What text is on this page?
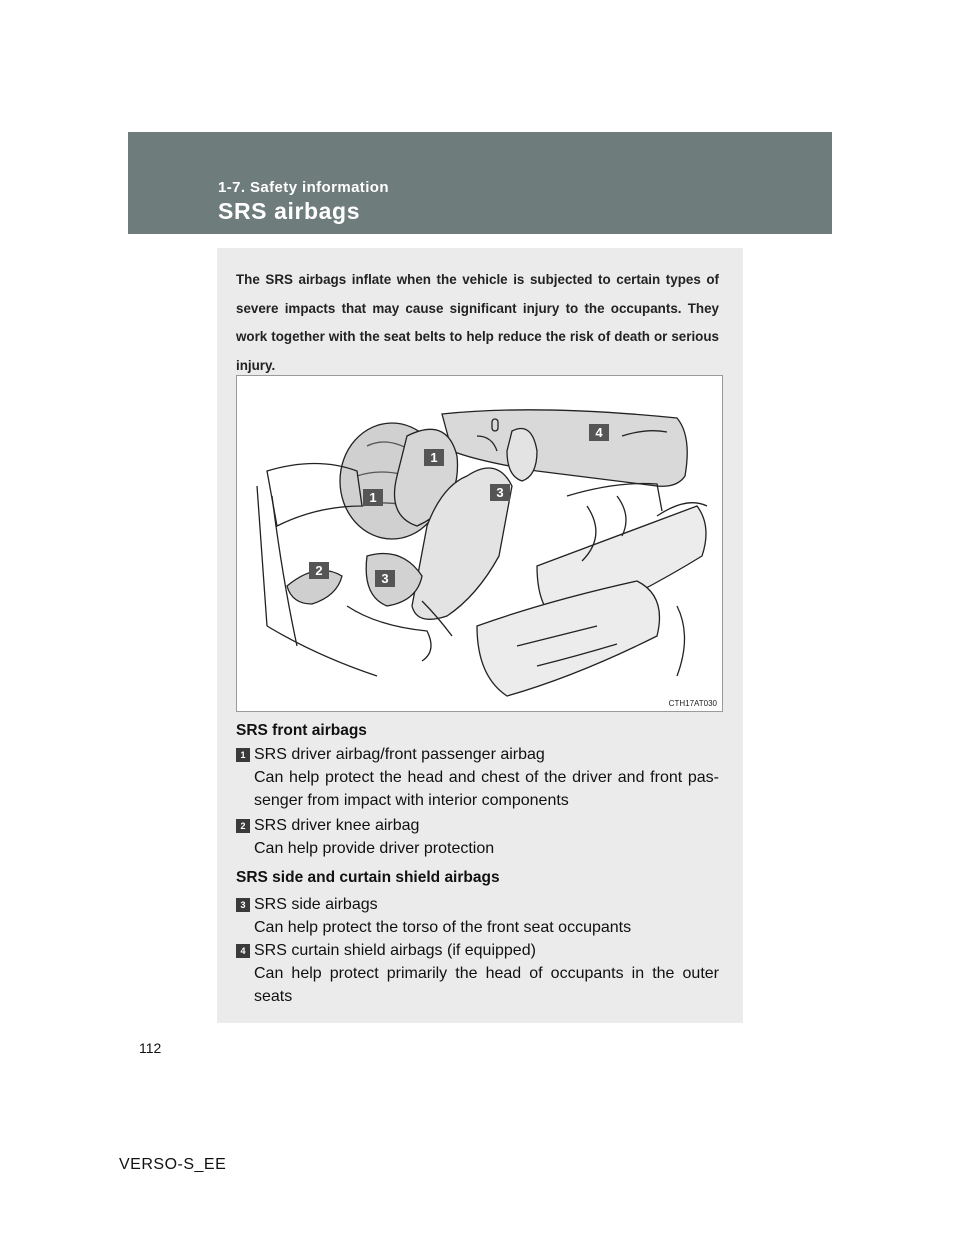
1-7. Safety information
SRS airbags
The SRS airbags inflate when the vehicle is subjected to certain types of severe impacts that may cause significant injury to the occupants. They work together with the seat belts to help reduce the risk of death or serious injury.
1
1
2
3
3
4
CTH17AT030
SRS front airbags
1 SRS driver airbag/front passenger airbag
Can help protect the head and chest of the driver and front pas-senger from impact with interior components
2 SRS driver knee airbag
Can help provide driver protection
SRS side and curtain shield airbags
3 SRS side airbags
Can help protect the torso of the front seat occupants
4 SRS curtain shield airbags (if equipped)
Can help protect primarily the head of occupants in the outer seats
112
VERSO-S_EE
